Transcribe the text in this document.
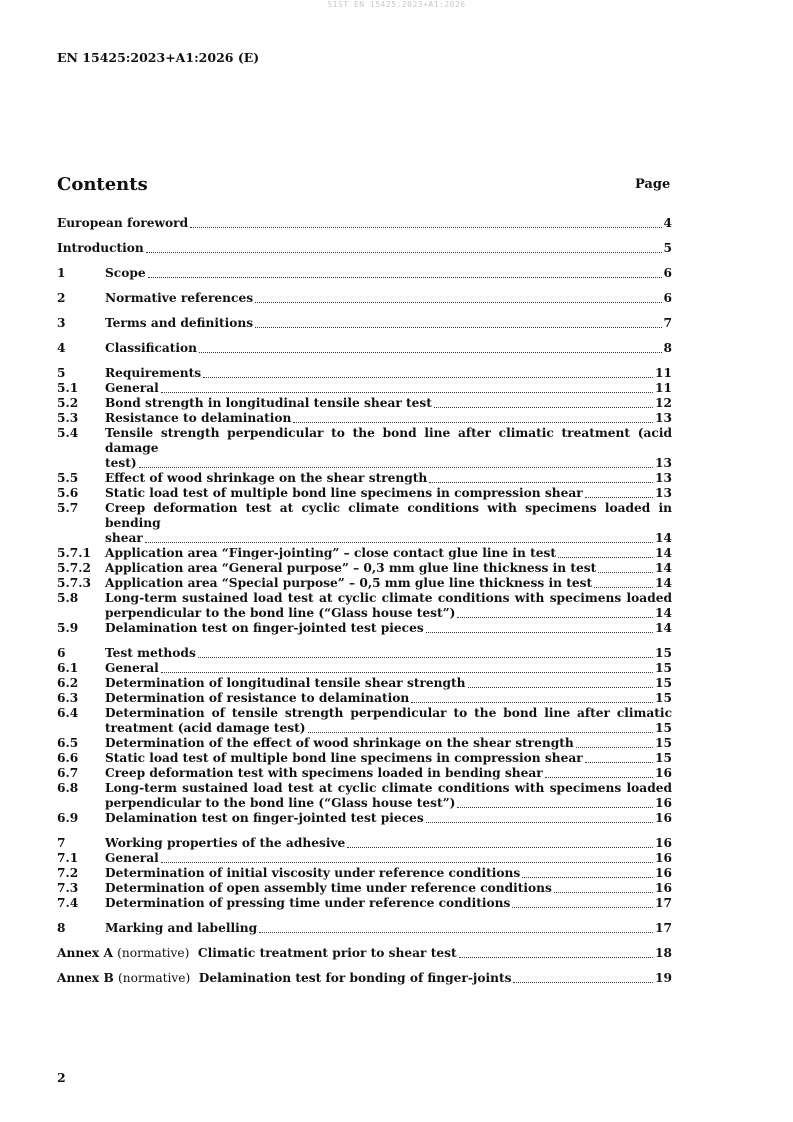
SIST EN 15425:2023+A1:2026
EN 15425:2023+A1:2026 (E)
Contents	Page
European foreword	4
Introduction	5
1	Scope	6
2	Normative references	6
3	Terms and definitions	7
4	Classification	8
5	Requirements	11
5.1	General	11
5.2	Bond strength in longitudinal tensile shear test	12
5.3	Resistance to delamination	13
5.4	Tensile strength perpendicular to the bond line after climatic treatment (acid damage
test)	13
5.5	Effect of wood shrinkage on the shear strength	13
5.6	Static load test of multiple bond line specimens in compression shear	13
5.7	Creep deformation test at cyclic climate conditions with specimens loaded in bending
shear	14
5.7.1	Application area “Finger-jointing” – close contact glue line in test	14
5.7.2	Application area “General purpose” – 0,3 mm glue line thickness in test	14
5.7.3	Application area “Special purpose” – 0,5 mm glue line thickness in test	14
5.8	Long-term sustained load test at cyclic climate conditions with specimens loaded
perpendicular to the bond line (“Glass house test”)	14
5.9	Delamination test on finger-jointed test pieces	14
6	Test methods	15
6.1	General	15
6.2	Determination of longitudinal tensile shear strength	15
6.3	Determination of resistance to delamination	15
6.4	Determination of tensile strength perpendicular to the bond line after climatic
treatment (acid damage test)	15
6.5	Determination of the effect of wood shrinkage on the shear strength	15
6.6	Static load test of multiple bond line specimens in compression shear	15
6.7	Creep deformation test with specimens loaded in bending shear	16
6.8	Long-term sustained load test at cyclic climate conditions with specimens loaded
perpendicular to the bond line (“Glass house test”)	16
6.9	Delamination test on finger-jointed test pieces	16
7	Working properties of the adhesive	16
7.1	General	16
7.2	Determination of initial viscosity under reference conditions	16
7.3	Determination of open assembly time under reference conditions	16
7.4	Determination of pressing time under reference conditions	17
8	Marking and labelling	17
Annex A (normative) Climatic treatment prior to shear test	18
Annex B (normative) Delamination test for bonding of finger-joints	19
2
